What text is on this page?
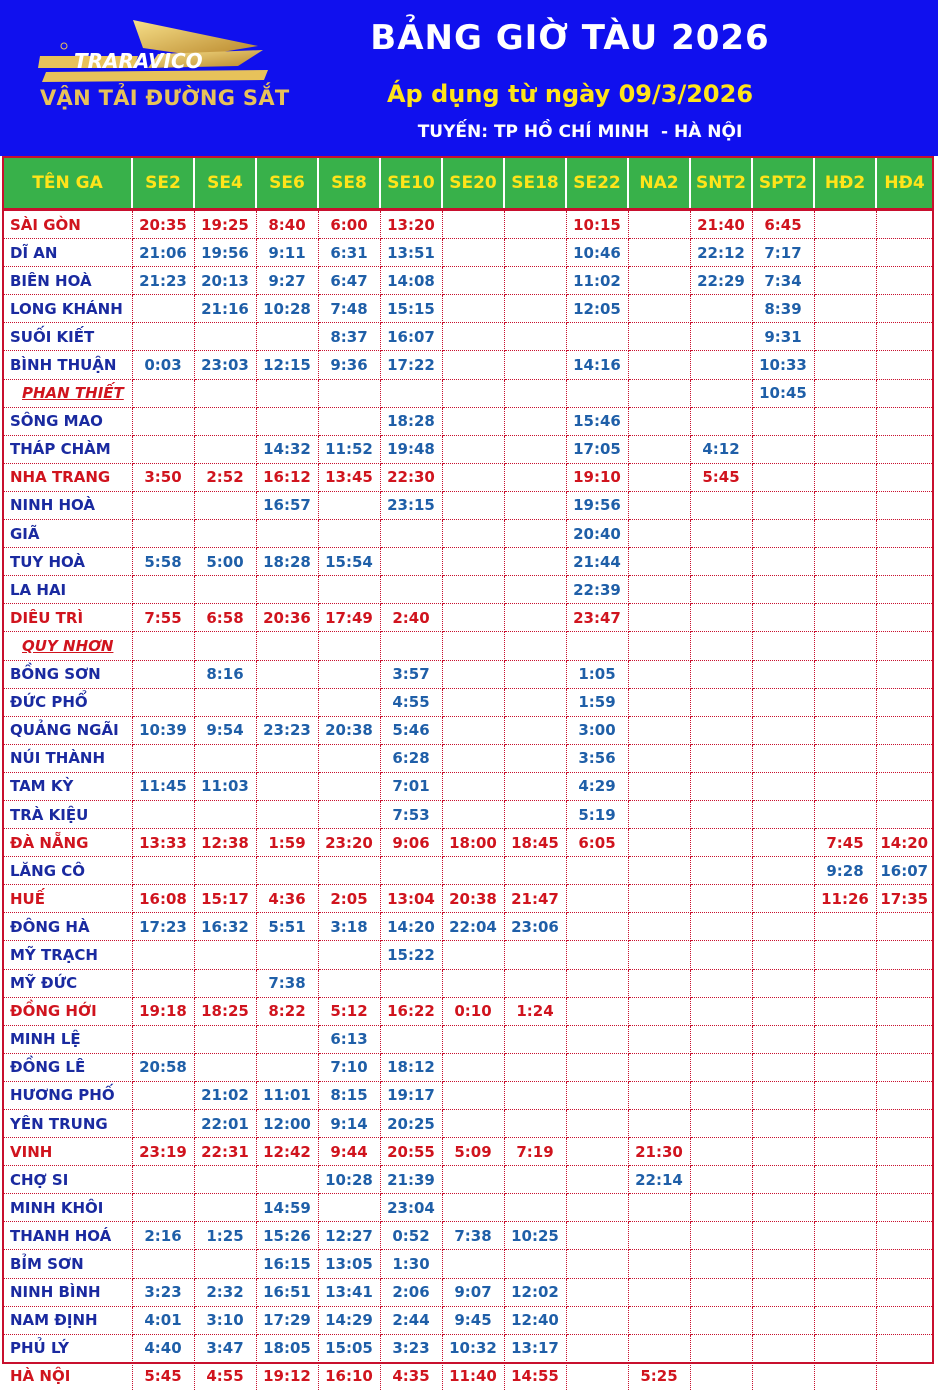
TRARAVICO
VẬN TẢI ĐƯỜNG SẮT
BẢNG GIỜ TÀU 2026
Áp dụng từ ngày 09/3/2026
TUYẾN: TP HỒ CHÍ MINH  - HÀ NỘI
TÊN GA	SE2	SE4	SE6	SE8	SE10	SE20	SE18	SE22	NA2	SNT2	SPT2	HĐ2	HĐ4
SÀI GÒN	20:35	19:25	8:40	6:00	13:20			10:15		21:40	6:45		
DĨ AN	21:06	19:56	9:11	6:31	13:51			10:46		22:12	7:17		
BIÊN HOÀ	21:23	20:13	9:27	6:47	14:08			11:02		22:29	7:34		
LONG KHÁNH		21:16	10:28	7:48	15:15			12:05			8:39		
SUỐI KIẾT				8:37	16:07						9:31		
BÌNH THUẬN	0:03	23:03	12:15	9:36	17:22			14:16			10:33		
PHAN THIẾT											10:45		
SÔNG MAO					18:28			15:46					
THÁP CHÀM			14:32	11:52	19:48			17:05		4:12			
NHA TRANG	3:50	2:52	16:12	13:45	22:30			19:10		5:45			
NINH HOÀ			16:57		23:15			19:56					
GIÃ								20:40					
TUY HOÀ	5:58	5:00	18:28	15:54				21:44					
LA HAI								22:39					
DIÊU TRÌ	7:55	6:58	20:36	17:49	2:40			23:47					
QUY NHƠN													
BỒNG SƠN		8:16			3:57			1:05					
ĐỨC PHỔ					4:55			1:59					
QUẢNG NGÃI	10:39	9:54	23:23	20:38	5:46			3:00					
NÚI THÀNH					6:28			3:56					
TAM KỲ	11:45	11:03			7:01			4:29					
TRÀ KIỆU					7:53			5:19					
ĐÀ NẴNG	13:33	12:38	1:59	23:20	9:06	18:00	18:45	6:05				7:45	14:20
LĂNG CÔ												9:28	16:07
HUẾ	16:08	15:17	4:36	2:05	13:04	20:38	21:47					11:26	17:35
ĐÔNG HÀ	17:23	16:32	5:51	3:18	14:20	22:04	23:06						
MỸ TRẠCH					15:22								
MỸ ĐỨC			7:38										
ĐỒNG HỚI	19:18	18:25	8:22	5:12	16:22	0:10	1:24						
MINH LỆ				6:13									
ĐỒNG LÊ	20:58			7:10	18:12								
HƯƠNG PHỐ		21:02	11:01	8:15	19:17								
YÊN TRUNG		22:01	12:00	9:14	20:25								
VINH	23:19	22:31	12:42	9:44	20:55	5:09	7:19		21:30				
CHỢ SI				10:28	21:39				22:14				
MINH KHÔI			14:59		23:04								
THANH HOÁ	2:16	1:25	15:26	12:27	0:52	7:38	10:25						
BỈM SƠN			16:15	13:05	1:30								
NINH BÌNH	3:23	2:32	16:51	13:41	2:06	9:07	12:02						
NAM ĐỊNH	4:01	3:10	17:29	14:29	2:44	9:45	12:40						
PHỦ LÝ	4:40	3:47	18:05	15:05	3:23	10:32	13:17						
HÀ NỘI	5:45	4:55	19:12	16:10	4:35	11:40	14:55		5:25				
